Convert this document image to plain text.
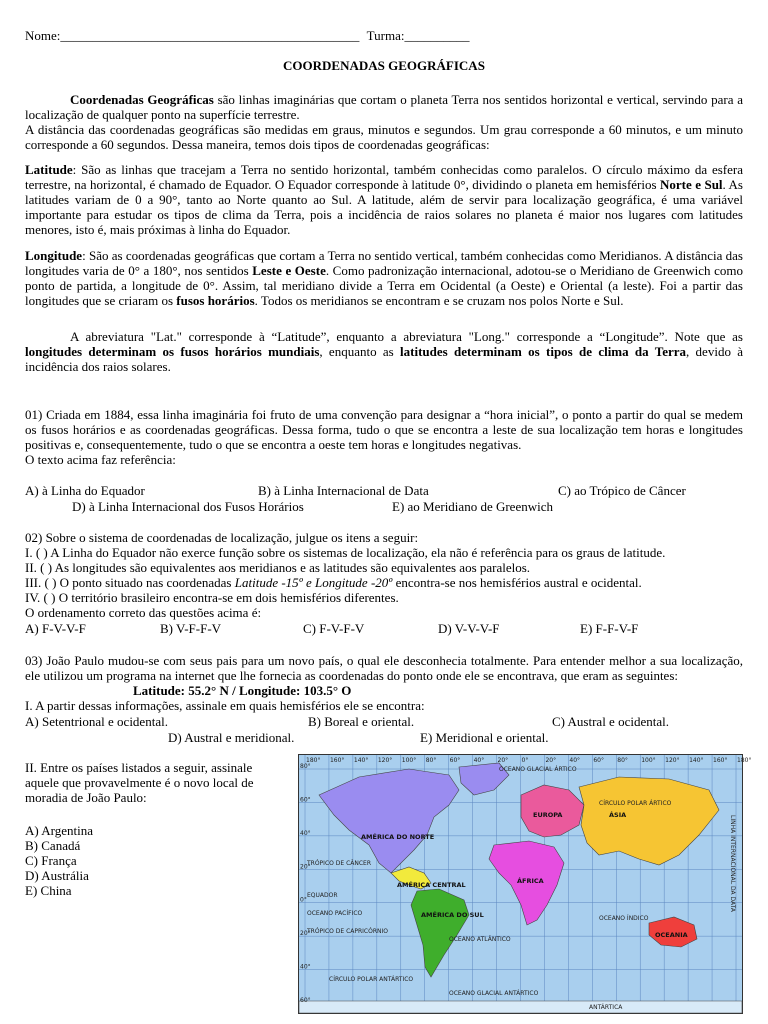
Nome:______________________________________________ Turma:__________
COORDENADAS GEOGRÁFICAS
Coordenadas Geográficas são linhas imaginárias que cortam o planeta Terra nos sentidos horizontal e vertical, servindo para a localização de qualquer ponto na superfície terrestre.
A distância das coordenadas geográficas são medidas em graus, minutos e segundos. Um grau corresponde a 60 minutos, e um minuto corresponde a 60 segundos. Dessa maneira, temos dois tipos de coordenadas geográficas:
Latitude: São as linhas que tracejam a Terra no sentido horizontal, também conhecidas como paralelos. O círculo máximo da esfera terrestre, na horizontal, é chamado de Equador. O Equador corresponde à latitude 0°, dividindo o planeta em hemisférios Norte e Sul. As latitudes variam de 0 a 90°, tanto ao Norte quanto ao Sul. A latitude, além de servir para localização geográfica, é uma variável importante para estudar os tipos de clima da Terra, pois a incidência de raios solares no planeta é maior nos lugares com latitudes menores, isto é, mais próximas à linha do Equador.
Longitude: São as coordenadas geográficas que cortam a Terra no sentido vertical, também conhecidas como Meridianos. A distância das longitudes varia de 0° a 180°, nos sentidos Leste e Oeste. Como padronização internacional, adotou-se o Meridiano de Greenwich como ponto de partida, a longitude de 0°. Assim, tal meridiano divide a Terra em Ocidental (a Oeste) e Oriental (a leste). Foi a partir das longitudes que se criaram os fusos horários. Todos os meridianos se encontram e se cruzam nos polos Norte e Sul.
A abreviatura "Lat." corresponde à “Latitude”, enquanto a abreviatura "Long." corresponde a “Longitude”. Note que as longitudes determinam os fusos horários mundiais, enquanto as latitudes determinam os tipos de clima da Terra, devido à incidência dos raios solares.
01) Criada em 1884, essa linha imaginária foi fruto de uma convenção para designar a “hora inicial”, o ponto a partir do qual se medem os fusos horários e as coordenadas geográficas. Dessa forma, tudo o que se encontra a leste de sua localização tem horas e longitudes positivas e, consequentemente, tudo o que se encontra a oeste tem horas e longitudes negativas.
O texto acima faz referência:
A) à Linha do Equador	B) à Linha Internacional de Data	C) ao Trópico de Câncer
D) à Linha Internacional dos Fusos Horários	E) ao Meridiano de Greenwich
02) Sobre o sistema de coordenadas de localização, julgue os itens a seguir:
I. ( ) A Linha do Equador não exerce função sobre os sistemas de localização, ela não é referência para os graus de latitude.
II. ( ) As longitudes são equivalentes aos meridianos e as latitudes são equivalentes aos paralelos.
III. ( ) O ponto situado nas coordenadas Latitude -15º e Longitude -20º encontra-se nos hemisférios austral e ocidental.
IV. ( ) O território brasileiro encontra-se em dois hemisférios diferentes.
O ordenamento correto das questões acima é:
A) F-V-V-F	B) V-F-F-V	C) F-V-F-V	D) V-V-V-F	E) F-F-V-F
03) João Paulo mudou-se com seus pais para um novo país, o qual ele desconhecia totalmente. Para entender melhor a sua localização, ele utilizou um programa na internet que lhe fornecia as coordenadas do ponto onde ele se encontrava, que eram as seguintes:
Latitude: 55.2° N / Longitude: 103.5° O
I. A partir dessas informações, assinale em quais hemisférios ele se encontra:
A) Setentrional e ocidental.	B) Boreal e oriental.	C) Austral e ocidental.
D) Austral e meridional.	E) Meridional e oriental.
II. Entre os países listados a seguir, assinale aquele que provavelmente é o novo local de moradia de João Paulo:
A) Argentina
B) Canadá
C) França
D) Austrália
E) China
OCEANO GLACIAL ÁRTICO
CÍRCULO POLAR ÁRTICO
AMÉRICA DO NORTE
EUROPA	ÁSIA
TRÓPICO DE CÂNCER
AMÉRICA CENTRAL	ÁFRICA
EQUADOR
OCEANO PACÍFICO	AMÉRICA DO SUL	OCEANO ÍNDICO
OCEANIA
TRÓPICO DE CAPRICÓRNIO
OCEANO ATLÂNTICO
CÍRCULO POLAR ANTÁRTICO
OCEANO GLACIAL ANTÁRTICO
ANTÁRTICA
LINHA INTERNACIONAL DA DATA
180° 160° 140° 120° 100° 80° 60° 40° 20° 0°	20° 40° 60° 80° 100° 120° 140° 160° 180°
80°
60°
40°
20°
0°
20°
40°
60°
